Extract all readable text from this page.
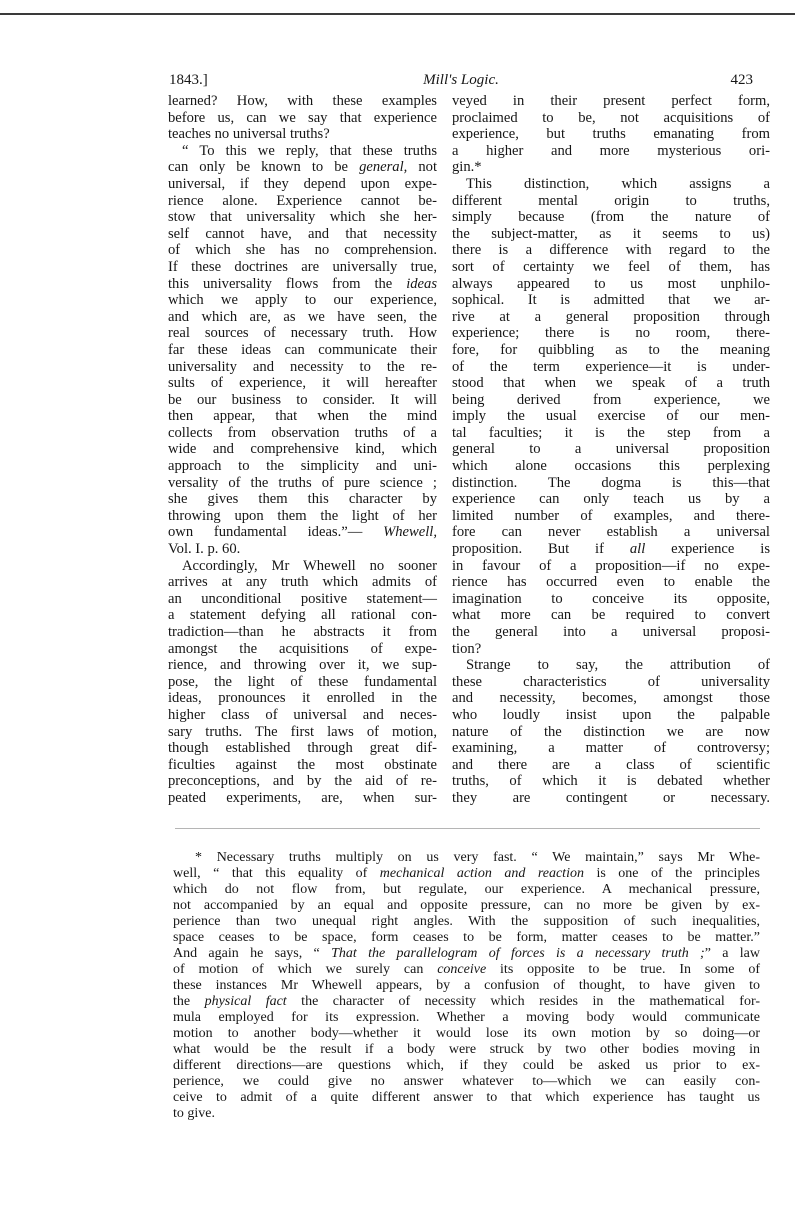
1843.]	Mill's Logic.	423
learned? How, with these examples
before us, can we say that experience
teaches no universal truths?
“ To this we reply, that these truths
can only be known to be general, not
universal, if they depend upon expe-
rience alone. Experience cannot be-
stow that universality which she her-
self cannot have, and that necessity
of which she has no comprehension.
If these doctrines are universally true,
this universality flows from the ideas
which we apply to our experience,
and which are, as we have seen, the
real sources of necessary truth. How
far these ideas can communicate their
universality and necessity to the re-
sults of experience, it will hereafter
be our business to consider. It will
then appear, that when the mind
collects from observation truths of a
wide and comprehensive kind, which
approach to the simplicity and uni-
versality of the truths of pure science ;
she gives them this character by
throwing upon them the light of her
own fundamental ideas.”— Whewell,
Vol. I. p. 60.
Accordingly, Mr Whewell no sooner
arrives at any truth which admits of
an unconditional positive statement—
a statement defying all rational con-
tradiction—than he abstracts it from
amongst the acquisitions of expe-
rience, and throwing over it, we sup-
pose, the light of these fundamental
ideas, pronounces it enrolled in the
higher class of universal and neces-
sary truths. The first laws of motion,
though established through great dif-
ficulties against the most obstinate
preconceptions, and by the aid of re-
peated experiments, are, when sur-
veyed in their present perfect form,
proclaimed to be, not acquisitions of
experience, but truths emanating from
a higher and more mysterious ori-
gin.*
This distinction, which assigns a
different mental origin to truths,
simply because (from the nature of
the subject-matter, as it seems to us)
there is a difference with regard to the
sort of certainty we feel of them, has
always appeared to us most unphilo-
sophical. It is admitted that we ar-
rive at a general proposition through
experience; there is no room, there-
fore, for quibbling as to the meaning
of the term experience—it is under-
stood that when we speak of a truth
being derived from experience, we
imply the usual exercise of our men-
tal faculties; it is the step from a
general to a universal proposition
which alone occasions this perplexing
distinction. The dogma is this—that
experience can only teach us by a
limited number of examples, and there-
fore can never establish a universal
proposition. But if all experience is
in favour of a proposition—if no expe-
rience has occurred even to enable the
imagination to conceive its opposite,
what more can be required to convert
the general into a universal proposi-
tion?
Strange to say, the attribution of
these characteristics of universality
and necessity, becomes, amongst those
who loudly insist upon the palpable
nature of the distinction we are now
examining, a matter of controversy;
and there are a class of scientific
truths, of which it is debated whether
they are contingent or necessary.
* Necessary truths multiply on us very fast. “ We maintain,” says Mr Whe-
well, “ that this equality of mechanical action and reaction is one of the principles
which do not flow from, but regulate, our experience. A mechanical pressure,
not accompanied by an equal and opposite pressure, can no more be given by ex-
perience than two unequal right angles. With the supposition of such inequalities,
space ceases to be space, form ceases to be form, matter ceases to be matter.”
And again he says, “ That the parallelogram of forces is a necessary truth ;” a law
of motion of which we surely can conceive its opposite to be true. In some of
these instances Mr Whewell appears, by a confusion of thought, to have given to
the physical fact the character of necessity which resides in the mathematical for-
mula employed for its expression. Whether a moving body would communicate
motion to another body—whether it would lose its own motion by so doing—or
what would be the result if a body were struck by two other bodies moving in
different directions—are questions which, if they could be asked us prior to ex-
perience, we could give no answer whatever to—which we can easily con-
ceive to admit of a quite different answer to that which experience has taught us
to give.
